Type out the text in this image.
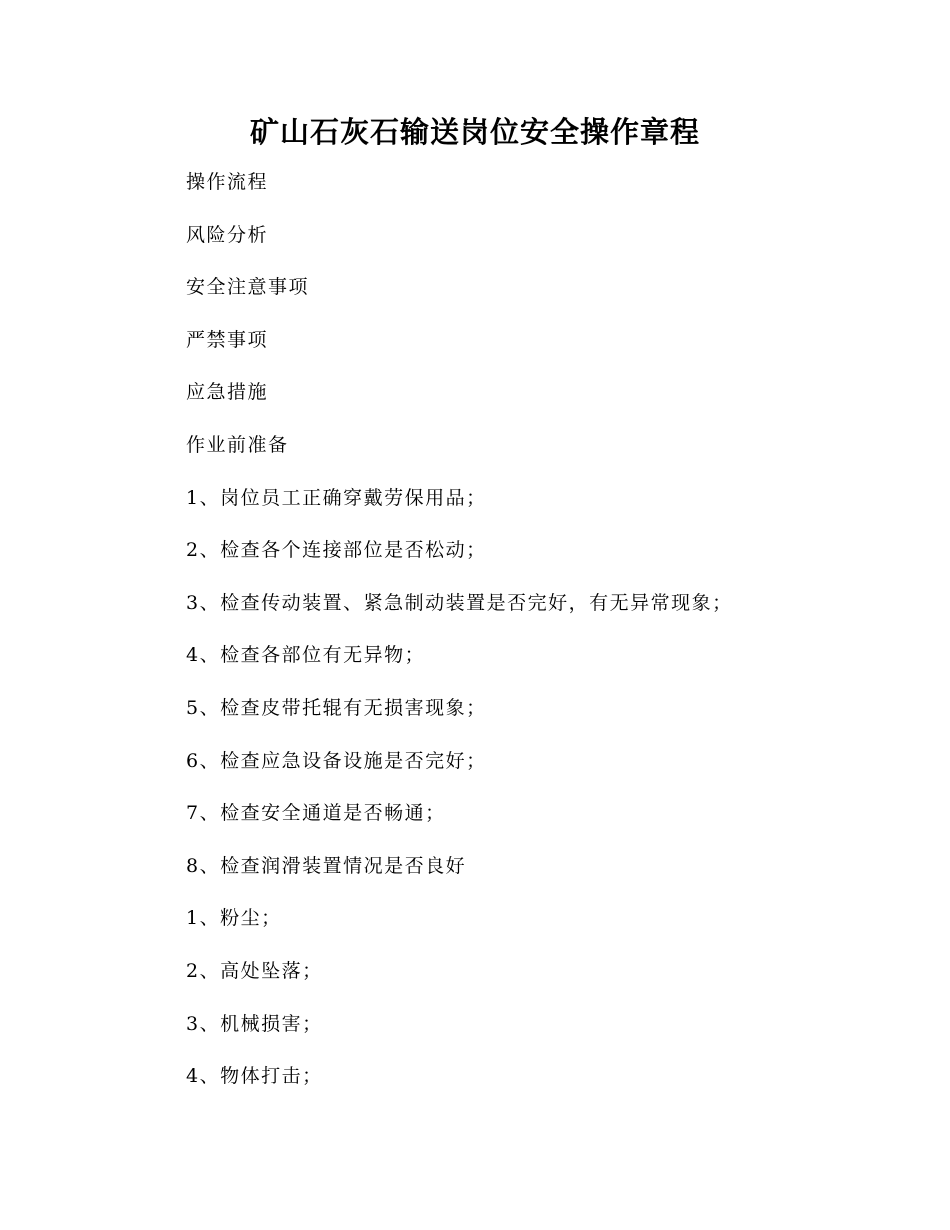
矿山石灰石输送岗位安全操作章程
操作流程
风险分析
安全注意事项
严禁事项
应急措施
作业前准备
1、岗位员工正确穿戴劳保用品；
2、检查各个连接部位是否松动；
3、检查传动装置、紧急制动装置是否完好，有无异常现象；
4、检查各部位有无异物；
5、检查皮带托辊有无损害现象；
6、检查应急设备设施是否完好；
7、检查安全通道是否畅通；
8、检查润滑装置情况是否良好
1、粉尘；
2、高处坠落；
3、机械损害；
4、物体打击；
